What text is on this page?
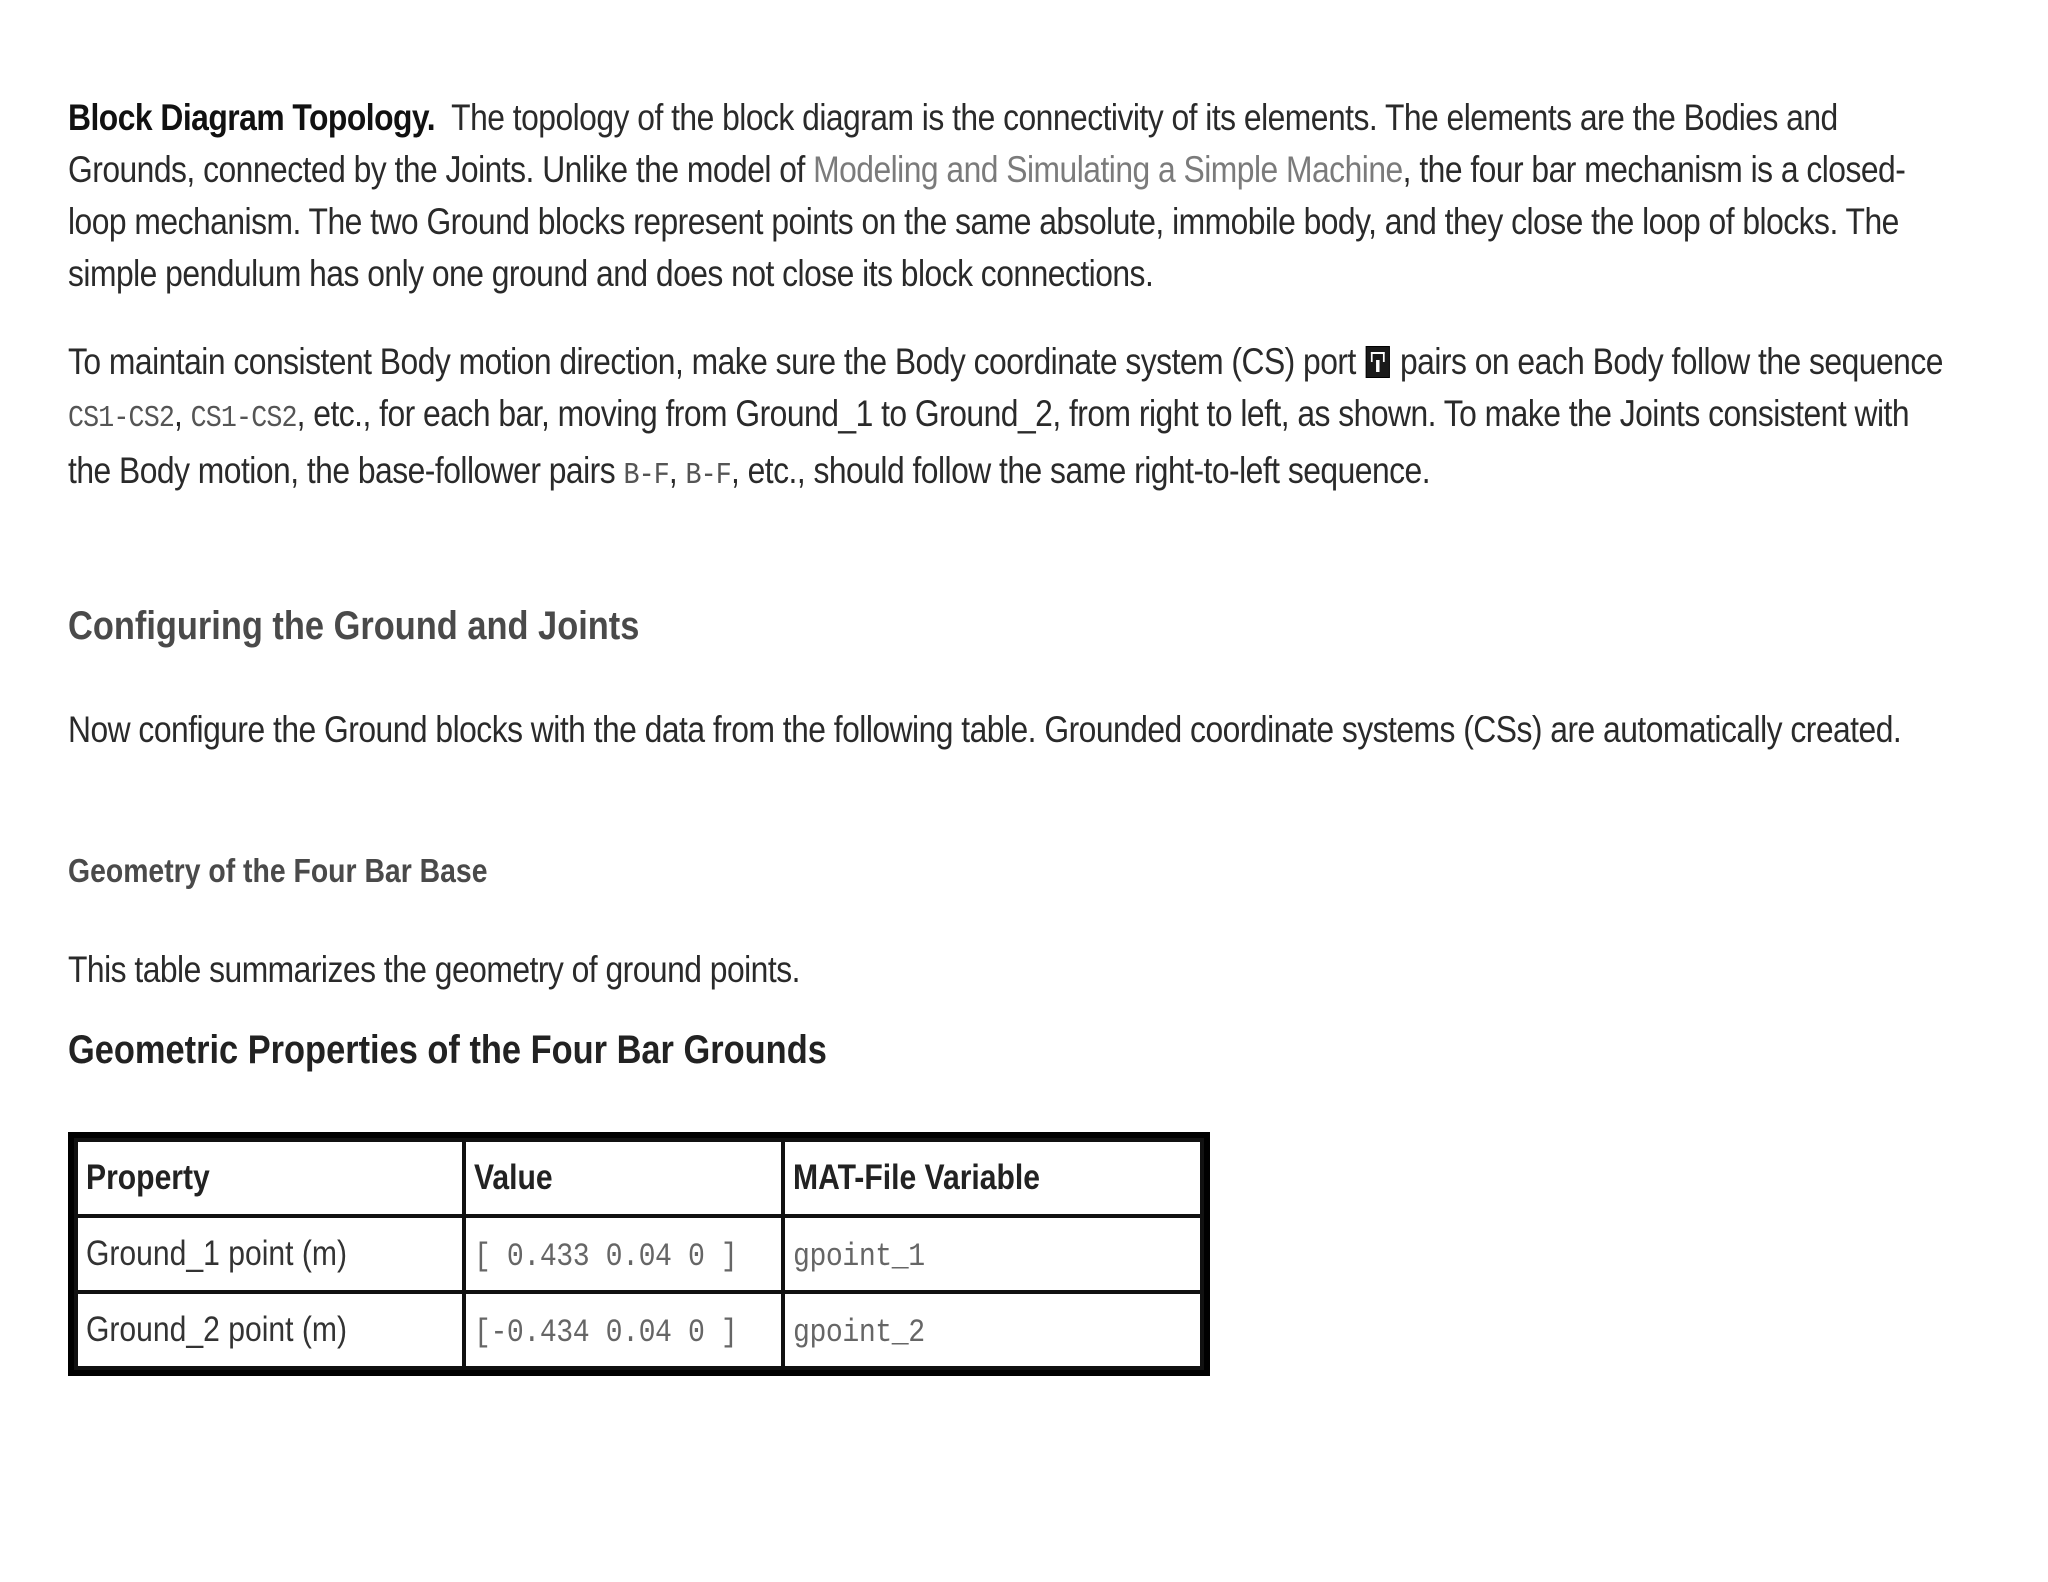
Block Diagram Topology. The topology of the block diagram is the connectivity of its elements. The elements are the Bodies and Grounds, connected by the Joints. Unlike the model of Modeling and Simulating a Simple Machine, the four bar mechanism is a closed-loop mechanism. The two Ground blocks represent points on the same absolute, immobile body, and they close the loop of blocks. The simple pendulum has only one ground and does not close its block connections.

To maintain consistent Body motion direction, make sure the Body coordinate system (CS) port  pairs on each Body follow the sequence CS1-CS2, CS1-CS2, etc., for each bar, moving from Ground_1 to Ground_2, from right to left, as shown. To make the Joints consistent with the Body motion, the base-follower pairs B-F, B-F, etc., should follow the same right-to-left sequence.

Configuring the Ground and Joints

Now configure the Ground blocks with the data from the following table. Grounded coordinate systems (CSs) are automatically created.

Geometry of the Four Bar Base

This table summarizes the geometry of ground points.

Geometric Properties of the Four Bar Grounds
Property	Value	MAT-File Variable
Ground_1 point (m)	[ 0.433 0.04 0 ]	gpoint_1
Ground_2 point (m)	[-0.434 0.04 0 ]	gpoint_2
